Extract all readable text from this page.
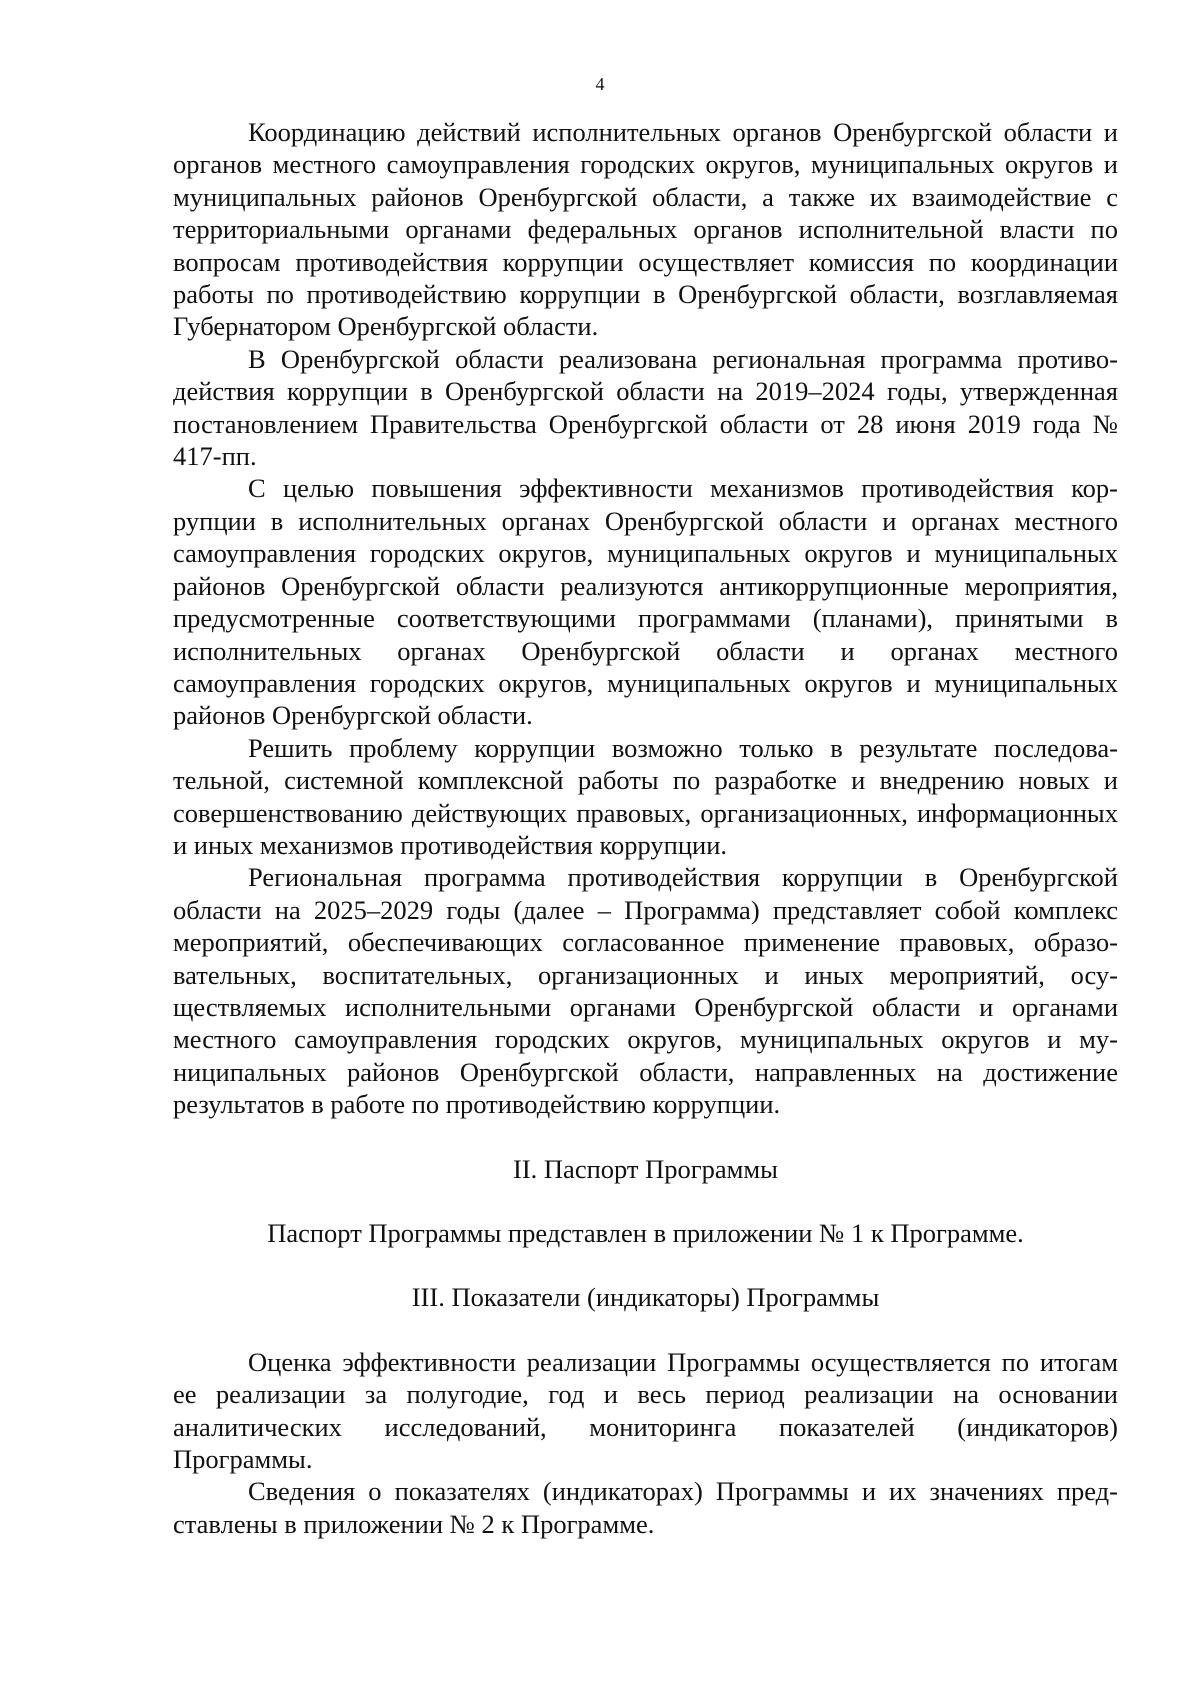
4

Координацию действий исполнительных органов Оренбургской области и органов местного самоуправления городских округов, муниципальных округов и муниципальных районов Оренбургской области, а также их взаимодействие с территориальными органами федеральных органов исполнительной власти по вопросам противодействия коррупции осуществляет комиссия по координации работы по противодействию коррупции в Оренбургской области, возглавляемая Губернатором Оренбургской области.

В Оренбургской области реализована региональная программа противодействия коррупции в Оренбургской области на 2019–2024 годы, утвержденная постановлением Правительства Оренбургской области от 28 июня 2019 года № 417-пп.

С целью повышения эффективности механизмов противодействия коррупции в исполнительных органах Оренбургской области и органах местного самоуправления городских округов, муниципальных округов и муниципальных районов Оренбургской области реализуются антикоррупционные мероприятия, предусмотренные соответствующими программами (планами), принятыми в исполнительных органах Оренбургской области и органах местного самоуправления городских округов, муниципальных округов и муниципальных районов Оренбургской области.

Решить проблему коррупции возможно только в результате последовательной, системной комплексной работы по разработке и внедрению новых и совершенствованию действующих правовых, организационных, информационных и иных механизмов противодействия коррупции.

Региональная программа противодействия коррупции в Оренбургской области на 2025–2029 годы (далее – Программа) представляет собой комплекс мероприятий, обеспечивающих согласованное применение правовых, образовательных, воспитательных, организационных и иных мероприятий, осуществляемых исполнительными органами Оренбургской области и органами местного самоуправления городских округов, муниципальных округов и муниципальных районов Оренбургской области, направленных на достижение результатов в работе по противодействию коррупции.

II. Паспорт Программы

Паспорт Программы представлен в приложении № 1 к Программе.

III. Показатели (индикаторы) Программы

Оценка эффективности реализации Программы осуществляется по итогам ее реализации за полугодие, год и весь период реализации на основании аналитических исследований, мониторинга показателей (индикаторов) Программы.

Сведения о показателях (индикаторах) Программы и их значениях представлены в приложении № 2 к Программе.
